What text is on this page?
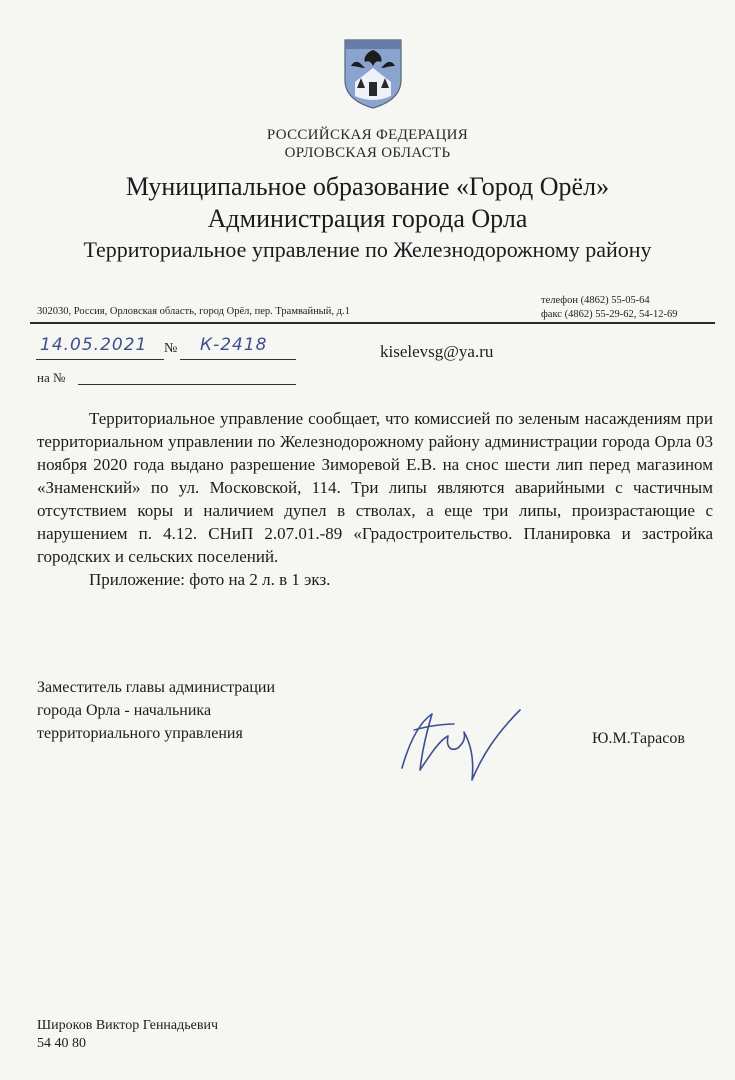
РОССИЙСКАЯ ФЕДЕРАЦИЯ
ОРЛОВСКАЯ ОБЛАСТЬ
Муниципальное образование «Город Орёл»
Администрация города Орла
Территориальное управление по Железнодорожному району
302030, Россия, Орловская область, город Орёл, пер. Трамвайный, д.1
телефон (4862) 55-05-64
факс (4862) 55-29-62, 54-12-69
14.05.2021 № К-2418
на №
kiselevsg@ya.ru

Территориальное управление сообщает, что комиссией по зеленым насаждениям при территориальном управлении по Железнодорожному району администрации города Орла 03 ноября 2020 года выдано разрешение Зиморевой Е.В. на снос шести лип перед магазином «Знаменский» по ул. Московской, 114. Три липы являются аварийными с частичным отсутствием коры и наличием дупел в стволах, а еще три липы, произрастающие с нарушением п. 4.12. СНиП 2.07.01.-89 «Градостроительство. Планировка и застройка городских и сельских поселений.

Приложение: фото на 2 л. в 1 экз.

Заместитель главы администрации
города Орла - начальника
территориального управления	Ю.М.Тарасов
Широков Виктор Геннадьевич
54 40 80
